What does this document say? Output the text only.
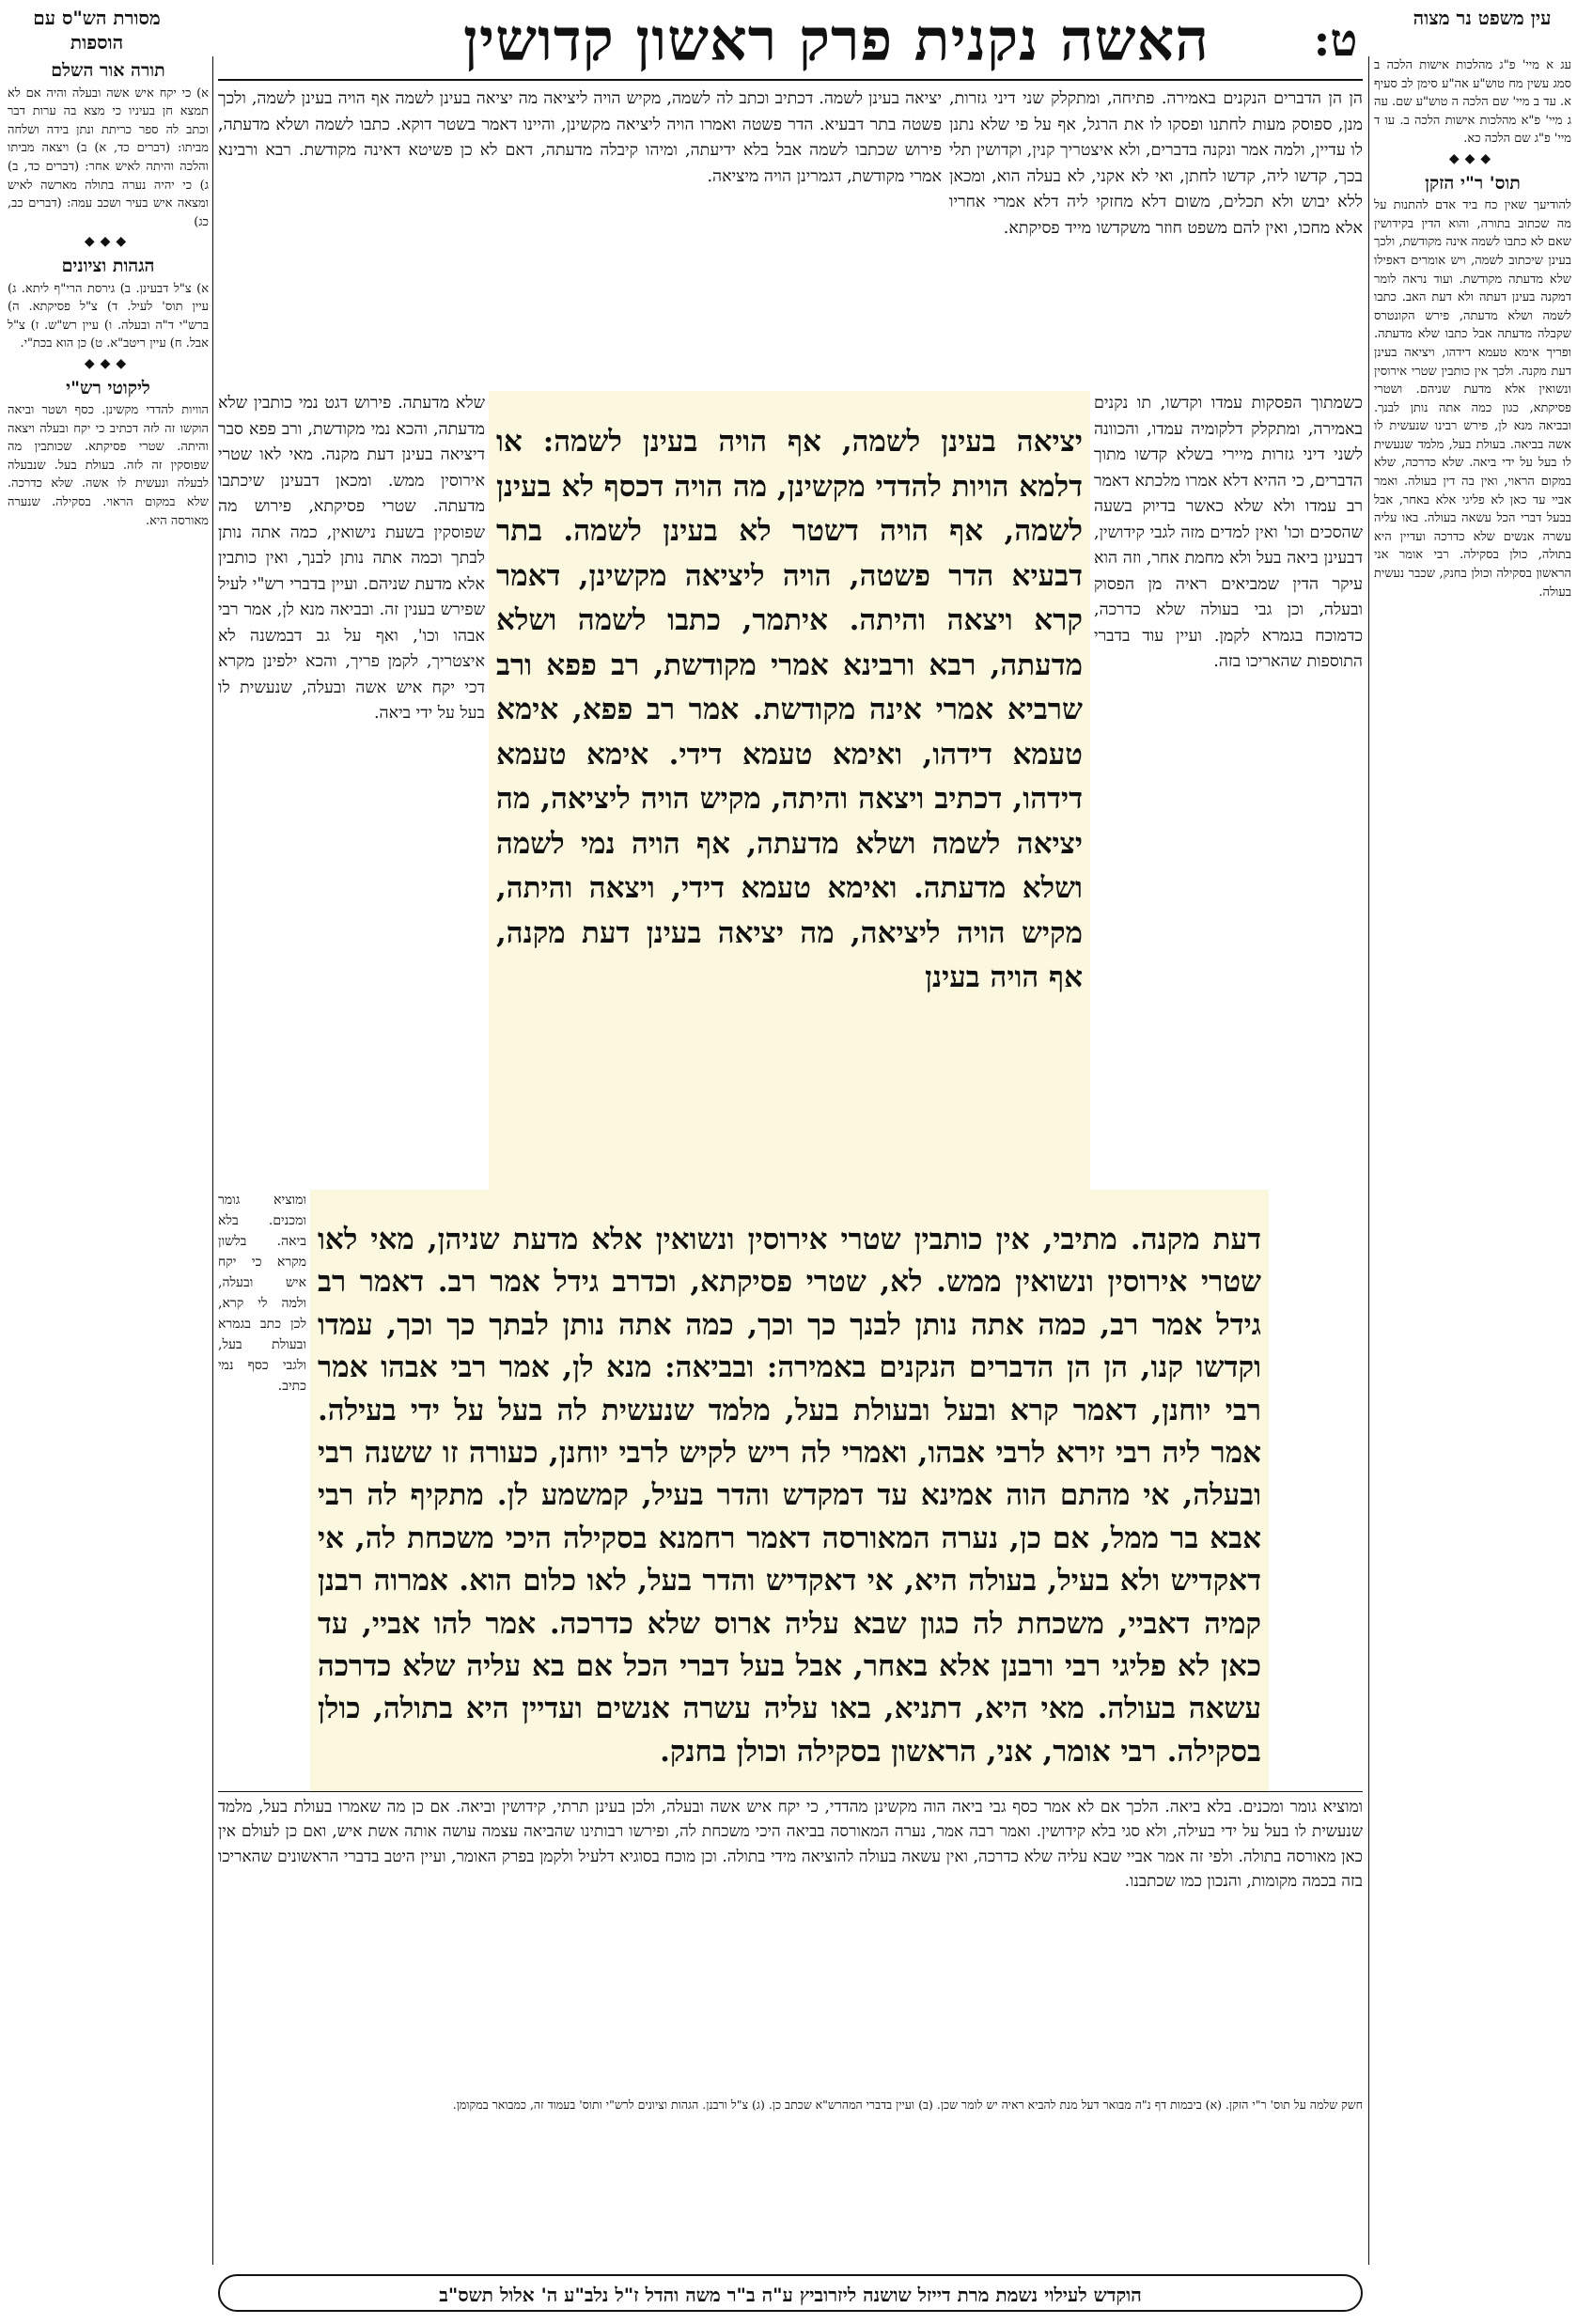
עין משפט נר מצוה
ט:
האשה נקנית פרק ראשון קדושין
מסורת הש"ס עם הוספות

עג א מיי' פ"ג מהלכות אישות הלכה ב סמג עשין מח טוש"ע אה"ע סימן לב סעיף א. עד ב מיי' שם הלכה ה טוש"ע שם. עה ג מיי' פ"א מהלכות אישות הלכה ב. עו ד מיי' פ"ג שם הלכה כא.

◆◆◆
תוס' ר"י הזקן

להודיעך שאין כח ביד אדם להתנות על מה שכתוב בתורה, והוא הדין בקידושין שאם לא כתבו לשמה אינה מקודשת, ולכך בעינן שיכתוב לשמה, ויש אומרים דאפילו שלא מדעתה מקודשת. ועוד נראה לומר דמקנה בעינן דעתה ולא דעת האב. כתבו לשמה ושלא מדעתה, פירש הקונטרס שקבלה מדעתה אבל כתבו שלא מדעתה. ופריך אימא טעמא דידהו, ויציאה בעינן דעת מקנה. ולכך אין כותבין שטרי אירוסין ונשואין אלא מדעת שניהם. ושטרי פסיקתא, כגון כמה אתה נותן לבנך. ובביאה מנא לן, פירש רבינו שנעשית לו אשה בביאה. בעולת בעל, מלמד שנעשית לו בעל על ידי ביאה. שלא כדרכה, שלא במקום הראוי, ואין בה דין בעולה. ואמר אביי עד כאן לא פליגי אלא באחר, אבל בבעל דברי הכל עשאה בעולה. באו עליה עשרה אנשים שלא כדרכה ועדיין היא בתולה, כולן בסקילה. רבי אומר אני הראשון בסקילה וכולן בחנק, שכבר נעשית בעולה.

תורה אור השלם

א) כי יקח איש אשה ובעלה והיה אם לא תמצא חן בעיניו כי מצא בה ערות דבר וכתב לה ספר כריתת ונתן בידה ושלחה מביתו: (דברים כד, א) ב) ויצאה מביתו והלכה והיתה לאיש אחר: (דברים כד, ב) ג) כי יהיה נערה בתולה מארשה לאיש ומצאה איש בעיר ושכב עמה: (דברים כב, כג)

◆◆◆
הגהות וציונים

א) צ"ל דבעינן. ב) גירסת הרי"ף ליתא. ג) עיין תוס' לעיל. ד) צ"ל פסיקתא. ה) ברש"י ד"ה ובעלה. ו) עיין רש"ש. ז) צ"ל אבל. ח) עיין ריטב"א. ט) כן הוא בכת"י.

◆◆◆
ליקוטי רש"י

הוויות להדדי מקשינן. כסף ושטר וביאה הוקשו זה לזה דכתיב כי יקח ובעלה ויצאה והיתה. שטרי פסיקתא. שכותבין מה שפוסקין זה לזה. בעולת בעל. שנבעלה לבעלה ונעשית לו אשה. שלא כדרכה. שלא במקום הראוי. בסקילה. שנערה מאורסה היא.

הן הן הדברים הנקנים באמירה. פתיחה, ומתקלק שני דיני גזרות, מנן, ספוסק מעות לחתנו ופסקו לו את הרגל, אף על פי שלא נתנן לו עדיין, ולמה אמר ונקנה בדברים, ולא איצטריך קנין, וקדושין תלי בכך, קדשו ליה, קדשו לחתן, ואי לא אקני, לא בעלה הוא, ומכאן ללא יבוש ולא תכלים, משום דלא מחזקי ליה דלא אמרי אחריו אלא מחכו, ואין להם משפט חוזר משקדשו מייד פסיקתא.

כשמתוך הפסקות עמדו וקדשו, תו נקנים באמירה, ומתקלק דלקומיה עמדו, והכוונה לשני דיני גזרות מיירי בשלא קדשו מתוך הדברים, כי ההיא דלא אמרו מלכתא דאמר רב עמדו ולא שלא כאשר בדיוק בשעה שהסכים וכו' ואין למדים מזה לגבי קידושין, דבעינן ביאה בעל ולא מחמת אחר, וזה הוא עיקר הדין שמביאים ראיה מן הפסוק ובעלה, וכן גבי בעולה שלא כדרכה, כדמוכח בגמרא לקמן. ועיין עוד בדברי התוספות שהאריכו בזה.

יציאה בעינן לשמה. דכתיב וכתב לה לשמה, מקיש הויה ליציאה מה יציאה בעינן לשמה אף הויה בעינן לשמה, ולכך פשטה בתר דבעיא. הדר פשטה ואמרו הויה ליציאה מקשינן, והיינו דאמר בשטר דוקא. כתבו לשמה ושלא מדעתה, פירוש שכתבו לשמה אבל בלא ידיעתה, ומיהו קיבלה מדעתה, דאם לא כן פשיטא דאינה מקודשת. רבא ורבינא אמרי מקודשת, דגמרינן הויה מיציאה.

שלא מדעתה. פירוש דגט נמי כותבין שלא מדעתה, והכא נמי מקודשת, ורב פפא סבר דיציאה בעינן דעת מקנה. מאי לאו שטרי אירוסין ממש. ומכאן דבעינן שיכתבו מדעתה. שטרי פסיקתא, פירוש מה שפוסקין בשעת נישואין, כמה אתה נותן לבתך וכמה אתה נותן לבנך, ואין כותבין אלא מדעת שניהם. ועיין בדברי רש"י לעיל שפירש בענין זה. ובביאה מנא לן, אמר רבי אבהו וכו', ואף על גב דבמשנה לא איצטריך, לקמן פריך, והכא ילפינן מקרא דכי יקח איש אשה ובעלה, שנעשית לו בעל על ידי ביאה.

ומוציא גומר ומכנים. בלא ביאה. בלשון מקרא כי יקח איש ובעלה, ולמה לי קרא, לכן כתב בגמרא ובעולת בעל, ולגבי כסף נמי כתיב.

יציאה בעינן לשמה, אף הויה בעינן לשמה: או דלמא הויות להדדי מקשינן, מה הויה דכסף לא בעינן לשמה, אף הויה דשטר לא בעינן לשמה. בתר דבעיא הדר פשטה, הויה ליציאה מקשינן, דאמר קרא ויצאה והיתה. איתמר, כתבו לשמה ושלא מדעתה, רבא ורבינא אמרי מקודשת, רב פפא ורב שרביא אמרי אינה מקודשת. אמר רב פפא, אימא טעמא דידהו, ואימא טעמא דידי. אימא טעמא דידהו, דכתיב ויצאה והיתה, מקיש הויה ליציאה, מה יציאה לשמה ושלא מדעתה, אף הויה נמי לשמה ושלא מדעתה. ואימא טעמא דידי, ויצאה והיתה, מקיש הויה ליציאה, מה יציאה בעינן דעת מקנה, אף הויה בעינן

דעת מקנה. מתיבי, אין כותבין שטרי אירוסין ונשואין אלא מדעת שניהן, מאי לאו שטרי אירוסין ונשואין ממש. לא, שטרי פסיקתא, וכדרב גידל אמר רב. דאמר רב גידל אמר רב, כמה אתה נותן לבנך כך וכך, כמה אתה נותן לבתך כך וכך, עמדו וקדשו קנו, הן הן הדברים הנקנים באמירה: ובביאה: מנא לן, אמר רבי אבהו אמר רבי יוחנן, דאמר קרא ובעל ובעולת בעל, מלמד שנעשית לה בעל על ידי בעילה. אמר ליה רבי זירא לרבי אבהו, ואמרי לה ריש לקיש לרבי יוחנן, כעורה זו ששנה רבי ובעלה, אי מהתם הוה אמינא עד דמקדש והדר בעיל, קמשמע לן. מתקיף לה רבי אבא בר ממל, אם כן, נערה המאורסה דאמר רחמנא בסקילה היכי משכחת לה, אי דאקדיש ולא בעיל, בעולה היא, אי דאקדיש והדר בעל, לאו כלום הוא. אמרוה רבנן קמיה דאביי, משכחת לה כגון שבא עליה ארוס שלא כדרכה. אמר להו אביי, עד כאן לא פליגי רבי ורבנן אלא באחר, אבל בעל דברי הכל אם בא עליה שלא כדרכה עשאה בעולה. מאי היא, דתניא, באו עליה עשרה אנשים ועדיין היא בתולה, כולן בסקילה. רבי אומר, אני, הראשון בסקילה וכולן בחנק.

ומוציא גומר ומכנים. בלא ביאה. הלכך אם לא אמר כסף גבי ביאה הוה מקשינן מהדדי, כי יקח איש אשה ובעלה, ולכן בעינן תרתי, קידושין וביאה. אם כן מה שאמרו בעולת בעל, מלמד שנעשית לו בעל על ידי בעילה, ולא סגי בלא קידושין. ואמר רבה אמר, נערה המאורסה בביאה היכי משכחת לה, ופירשו רבותינו שהביאה עצמה עושה אותה אשת איש, ואם כן לעולם אין כאן מאורסה בתולה. ולפי זה אמר אביי שבא עליה שלא כדרכה, ואין עשאה בעולה להוציאה מידי בתולה. וכן מוכח בסוגיא דלעיל ולקמן בפרק האומר, ועיין היטב בדברי הראשונים שהאריכו בזה בכמה מקומות, והנכון כמו שכתבנו.

חשק שלמה על תוס' ר"י הזקן. (א) ביבמות דף נ"ה מבואר דעל מנת להביא ראיה יש לומר שכן. (ב) ועיין בדברי המהרש"א שכתב כן. (ג) צ"ל ורבנן. הגהות וציונים לרש"י ותוס' בעמוד זה, כמבואר במקומן.

הוקדש לעילוי נשמת מרת דייזל שושנה ליזרוביץ ע"ה ב"ר משה והדל ז"ל נלב"ע ה' אלול תשס"ב
